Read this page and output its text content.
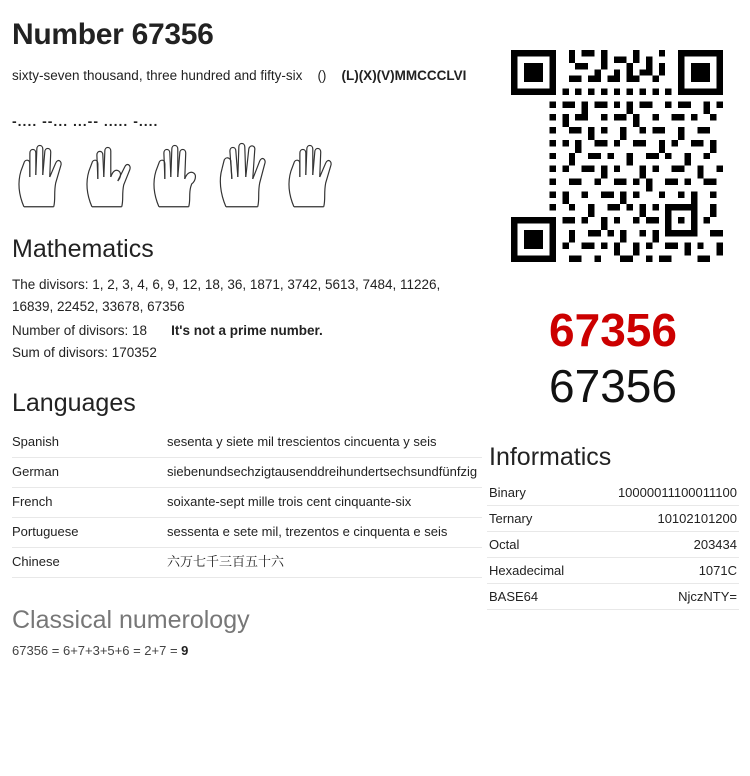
Number 67356
sixty-seven thousand, three hundred and fifty-six () (L)(X)(V)MMCCCLVI
-.... --... ...-- ..... -....
Mathematics
The divisors: 1, 2, 3, 4, 6, 9, 12, 18, 36, 1871, 3742, 5613, 7484, 11226, 16839, 22452, 33678, 67356
Number of divisors: 18 It's not a prime number.
Sum of divisors: 170352
Languages
Spanish	sesenta y siete mil trescientos cincuenta y seis
German	siebenundsechzigtausenddreihundertsechsundfünfzig
French	soixante-sept mille trois cent cinquante-six
Portuguese	sessenta e sete mil, trezentos e cinquenta e seis
Chinese	六万七千三百五十六
Classical numerology
67356 = 6+7+3+5+6 = 2+7 = 9
67356
67356
Informatics
Binary	10000011100011100
Ternary	10102101200
Octal	203434
Hexadecimal	1071C
BASE64	NjczNTY=
